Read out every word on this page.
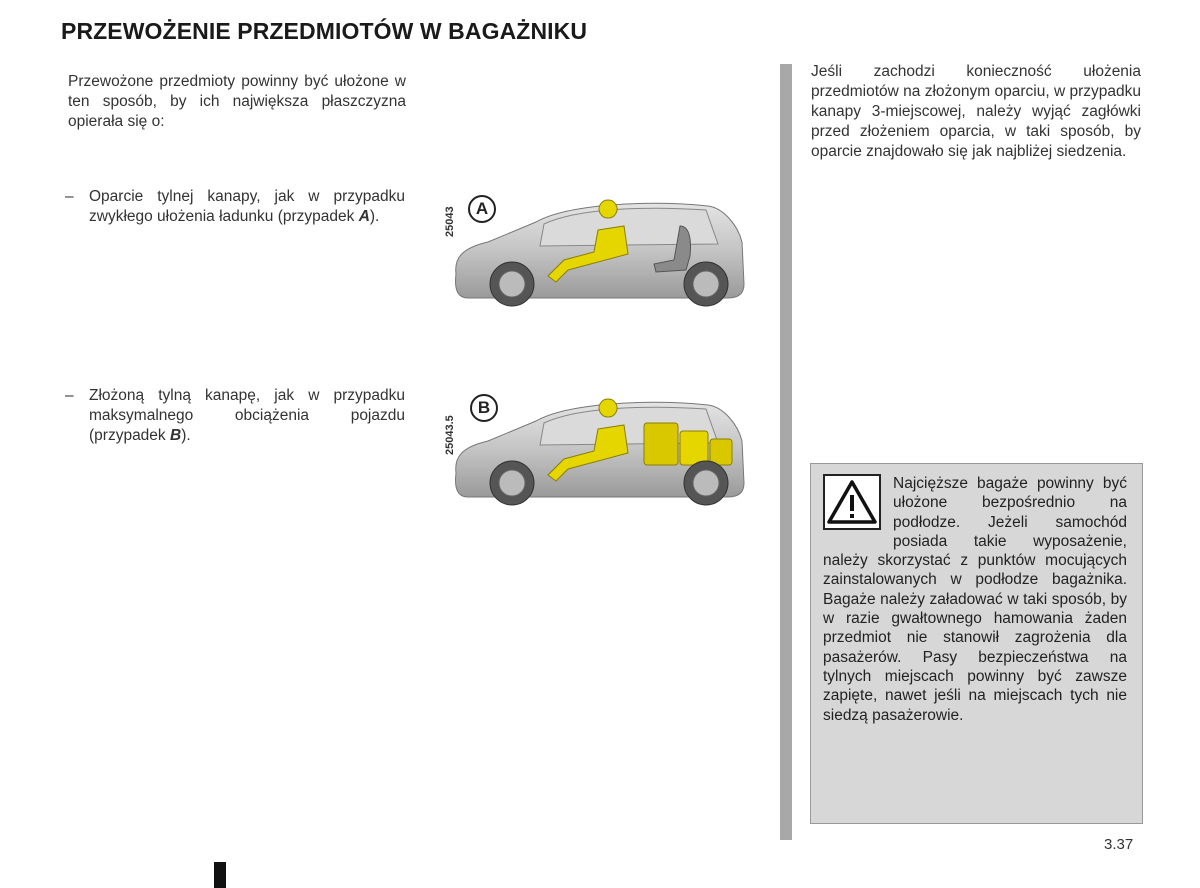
PRZEWOŻENIE PRZEDMIOTÓW W BAGAŻNIKU
Przewożone przedmioty powinny być ułożone w ten sposób, by ich największa płaszczyzna opierała się o:
– Oparcie tylnej kanapy, jak w przypadku zwykłego ułożenia ładunku (przypadek A).
– Złożoną tylną kanapę, jak w przypadku maksymalnego obciążenia pojazdu (przypadek B).
25043	A
25043.5
B
Jeśli zachodzi konieczność ułożenia przedmiotów na złożonym oparciu, w przypadku kanapy 3-miejscowej, należy wyjąć zagłówki przed złożeniem oparcia, w taki sposób, by oparcie znajdowało się jak najbliżej siedzenia.
Najcięższe bagaże powinny być ułożone bezpośrednio na podłodze. Jeżeli samochód posiada takie wyposażenie, należy skorzystać z punktów mocujących zainstalowanych w podłodze bagażnika. Bagaże należy załadować w taki sposób, by w razie gwałtownego hamowania żaden przedmiot nie stanowił zagrożenia dla pasażerów. Pasy bezpieczeństwa na tylnych miejscach powinny być zawsze zapięte, nawet jeśli na miejscach tych nie siedzą pasażerowie.
3.37
